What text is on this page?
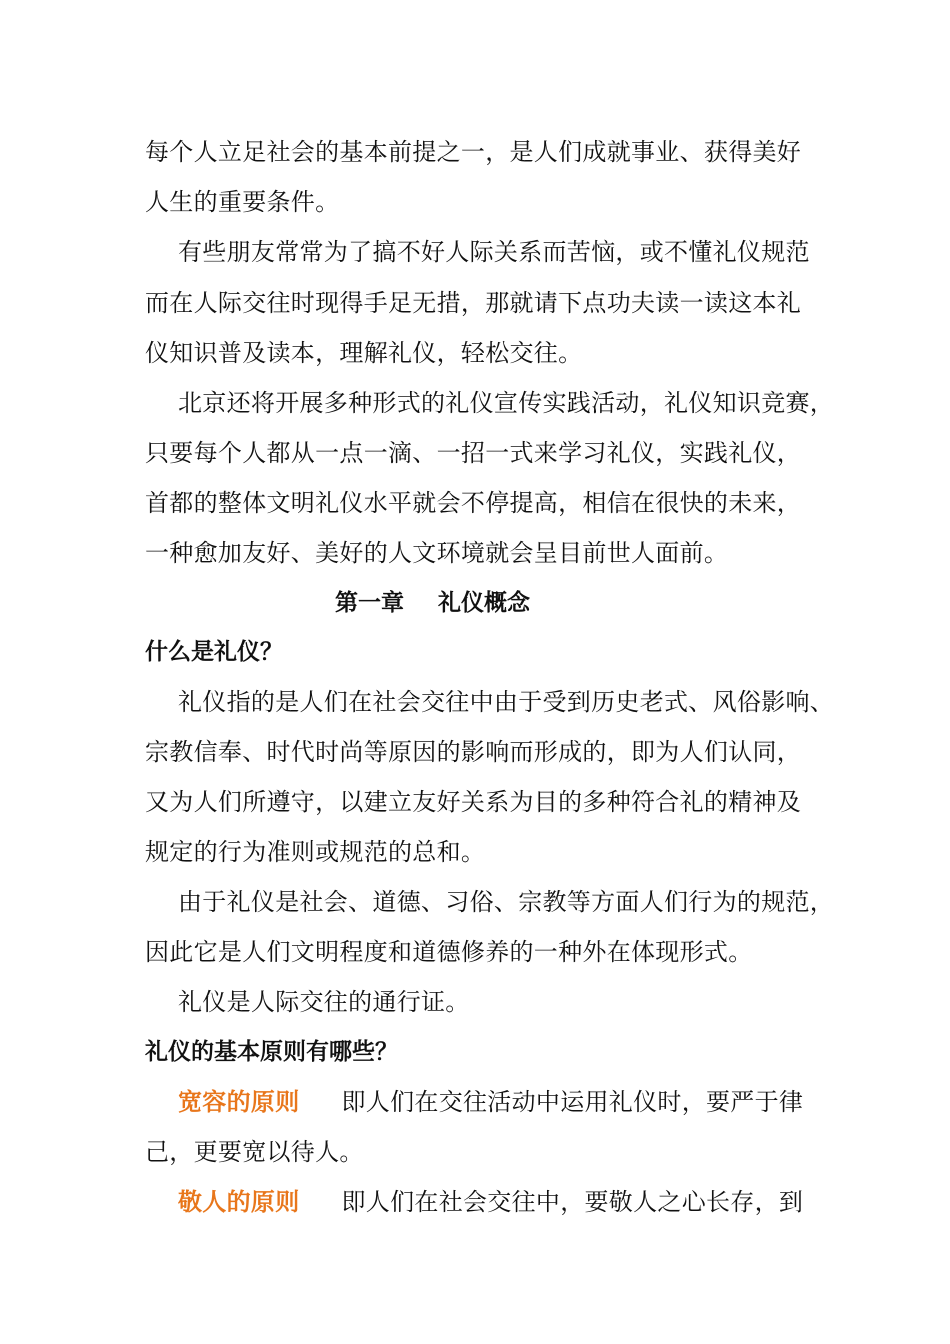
每个人立足社会的基本前提之一，是人们成就事业、获得美好
人生的重要条件。
有些朋友常常为了搞不好人际关系而苦恼，或不懂礼仪规范
而在人际交往时现得手足无措，那就请下点功夫读一读这本礼
仪知识普及读本，理解礼仪，轻松交往。
北京还将开展多种形式的礼仪宣传实践活动，礼仪知识竞赛，
只要每个人都从一点一滴、一招一式来学习礼仪，实践礼仪，
首都的整体文明礼仪水平就会不停提高，相信在很快的未来，
一种愈加友好、美好的人文环境就会呈目前世人面前。
第一章 礼仪概念
什么是礼仪？
礼仪指的是人们在社会交往中由于受到历史老式、风俗影响、
宗教信奉、时代时尚等原因的影响而形成的，即为人们认同，
又为人们所遵守，以建立友好关系为目的多种符合礼的精神及
规定的行为准则或规范的总和。
由于礼仪是社会、道德、习俗、宗教等方面人们行为的规范，
因此它是人们文明程度和道德修养的一种外在体现形式。
礼仪是人际交往的通行证。
礼仪的基本原则有哪些？
宽容的原则 即人们在交往活动中运用礼仪时，要严于律
己，更要宽以待人。
敬人的原则 即人们在社会交往中，要敬人之心长存，到
